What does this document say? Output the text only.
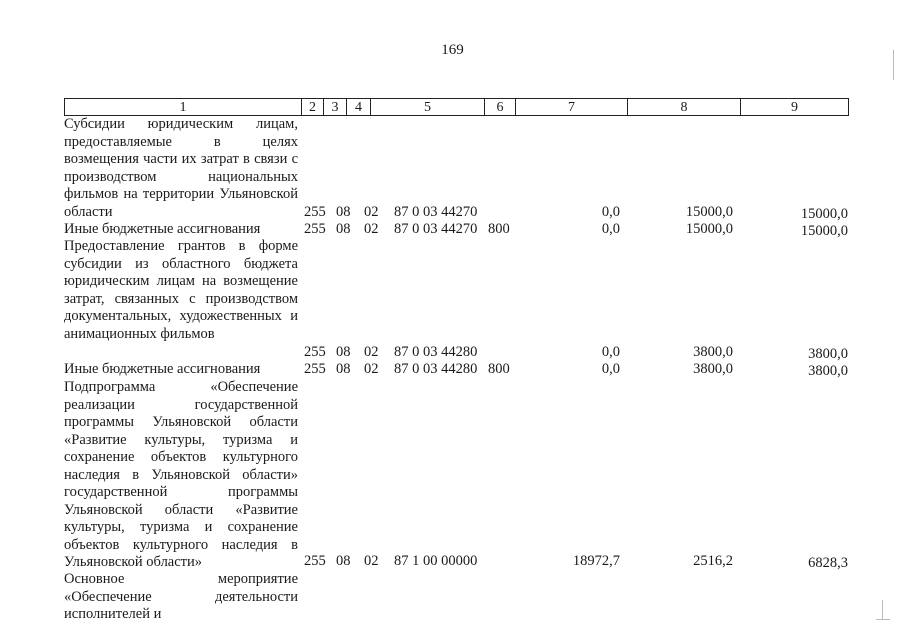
169
1	2	3	4	5	6	7	8	9
Субсидии юридическим лицам, предоставляемые в целях возмещения части их затрат в связи с производством национальных фильмов на территории Ульяновской области	255 08 02 87 0 03 44270	0,0	15000,0	15000,0
Иные бюджетные ассигнования	255 08 02 87 0 03 44270 800	0,0	15000,0	15000,0
Предоставление грантов в форме субсидии из областного бюджета юридическим лицам на возмещение затрат, связанных с производством документальных, художественных и анимационных фильмов
255 08 02 87 0 03 44280	0,0	3800,0	3800,0
Иные бюджетные ассигнования	255 08 02 87 0 03 44280 800	0,0	3800,0	3800,0
Подпрограмма «Обеспечение реализации государственной программы Ульяновской области «Развитие культуры, туризма и сохранение объектов культурного наследия в Ульяновской области» государственной программы Ульяновской области «Развитие культуры, туризма и сохранение объектов культурного наследия в Ульяновской области»	255 08 02 87 1 00 00000	18972,7	2516,2	6828,3
Основное мероприятие «Обеспечение деятельности исполнителей и
